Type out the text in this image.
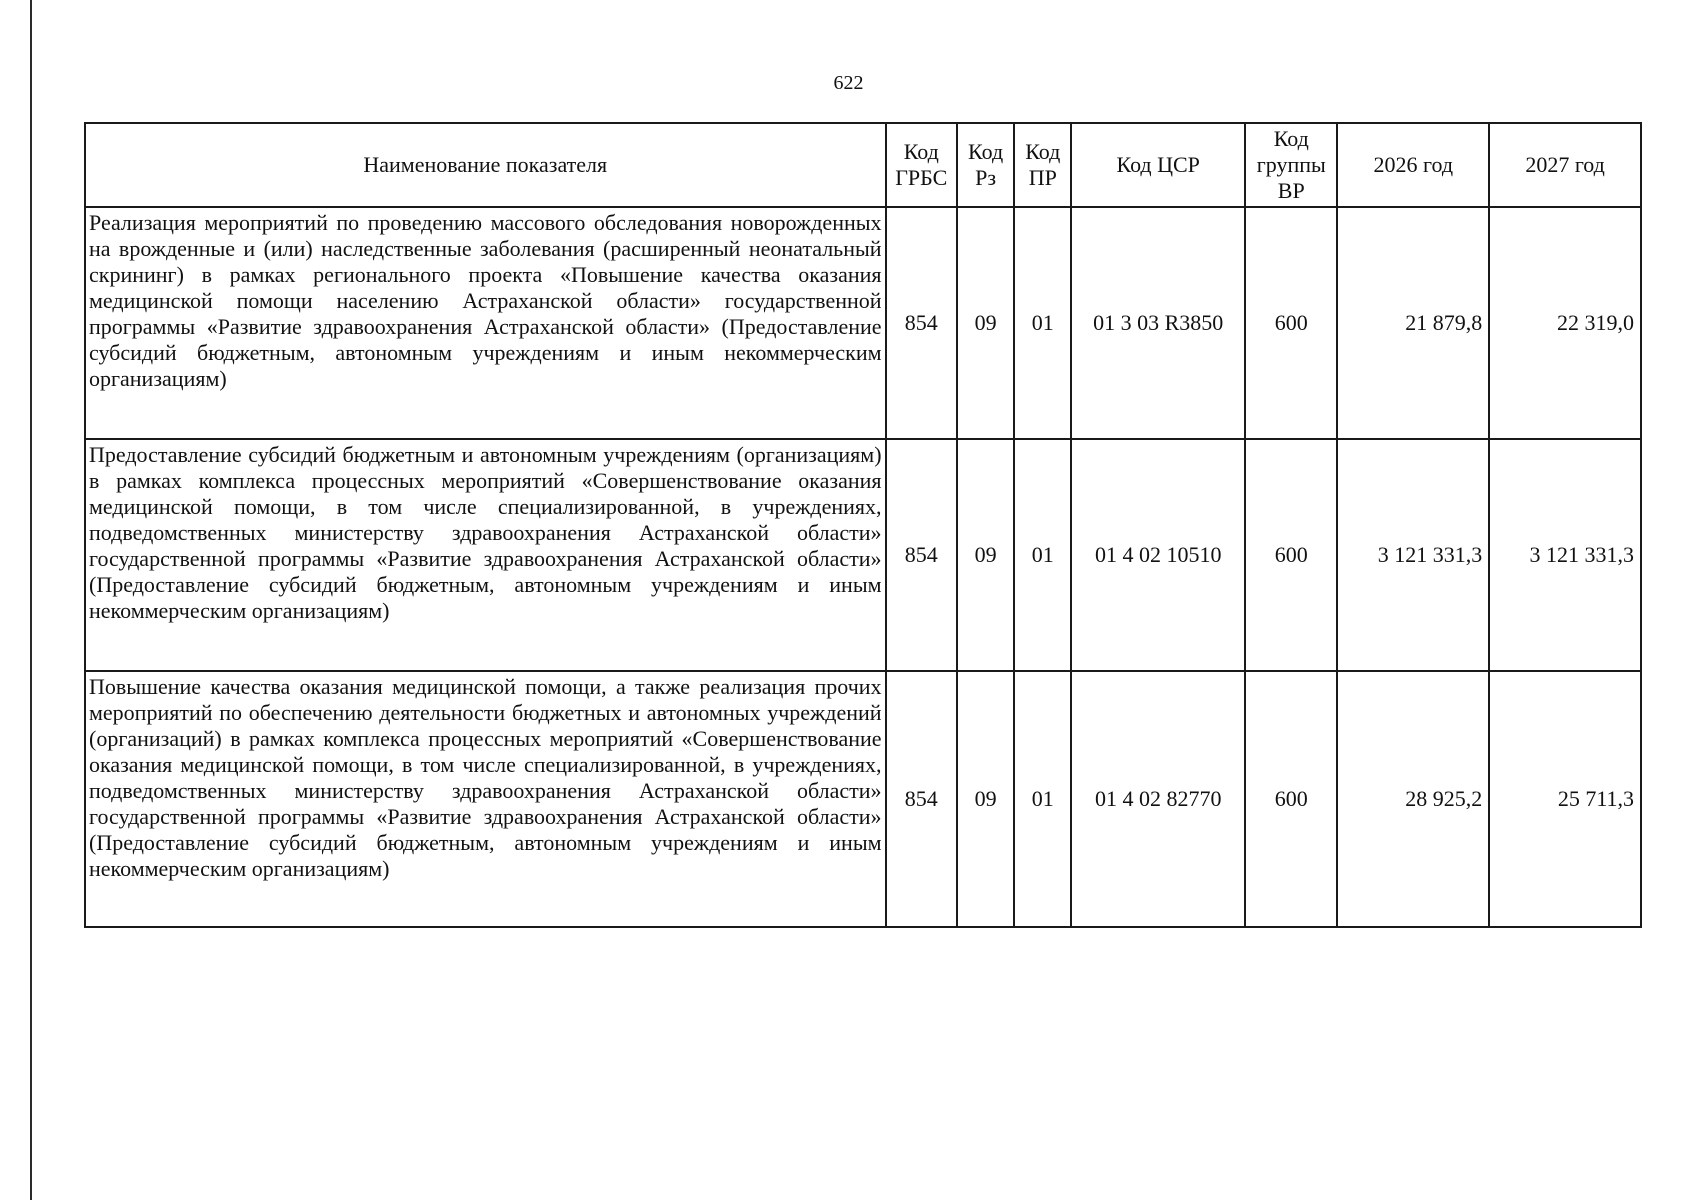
622
Наименование показателя	Код ГРБС	Код Рз	Код ПР	Код ЦСР	Код группы ВР	2026 год	2027 год
Реализация мероприятий по проведению массового обследования новорожденных на врожденные и (или) наследственные заболевания (расширенный неонатальный скрининг) в рамках регионального проекта «Повышение качества оказания медицинской помощи населению Астраханской области» государственной программы «Развитие здравоохранения Астраханской области» (Предоставление субсидий бюджетным, автономным учреждениям и иным некоммерческим организациям)	854	09	01	01 3 03 R3850	600	21 879,8	22 319,0
Предоставление субсидий бюджетным и автономным учреждениям (организациям) в рамках комплекса процессных мероприятий «Совершенствование оказания медицинской помощи, в том числе специализированной, в учреждениях, подведомственных министерству здравоохранения Астраханской области» государственной программы «Развитие здравоохранения Астраханской области» (Предоставление субсидий бюджетным, автономным учреждениям и иным некоммерческим организациям)	854	09	01	01 4 02 10510	600	3 121 331,3	3 121 331,3
Повышение качества оказания медицинской помощи, а также реализация прочих мероприятий по обеспечению деятельности бюджетных и автономных учреждений (организаций) в рамках комплекса процессных мероприятий «Совершенствование оказания медицинской помощи, в том числе специализированной, в учреждениях, подведомственных министерству здравоохранения Астраханской области» государственной программы «Развитие здравоохранения Астраханской области» (Предоставление субсидий бюджетным, автономным учреждениям и иным некоммерческим организациям)	854	09	01	01 4 02 82770	600	28 925,2	25 711,3
